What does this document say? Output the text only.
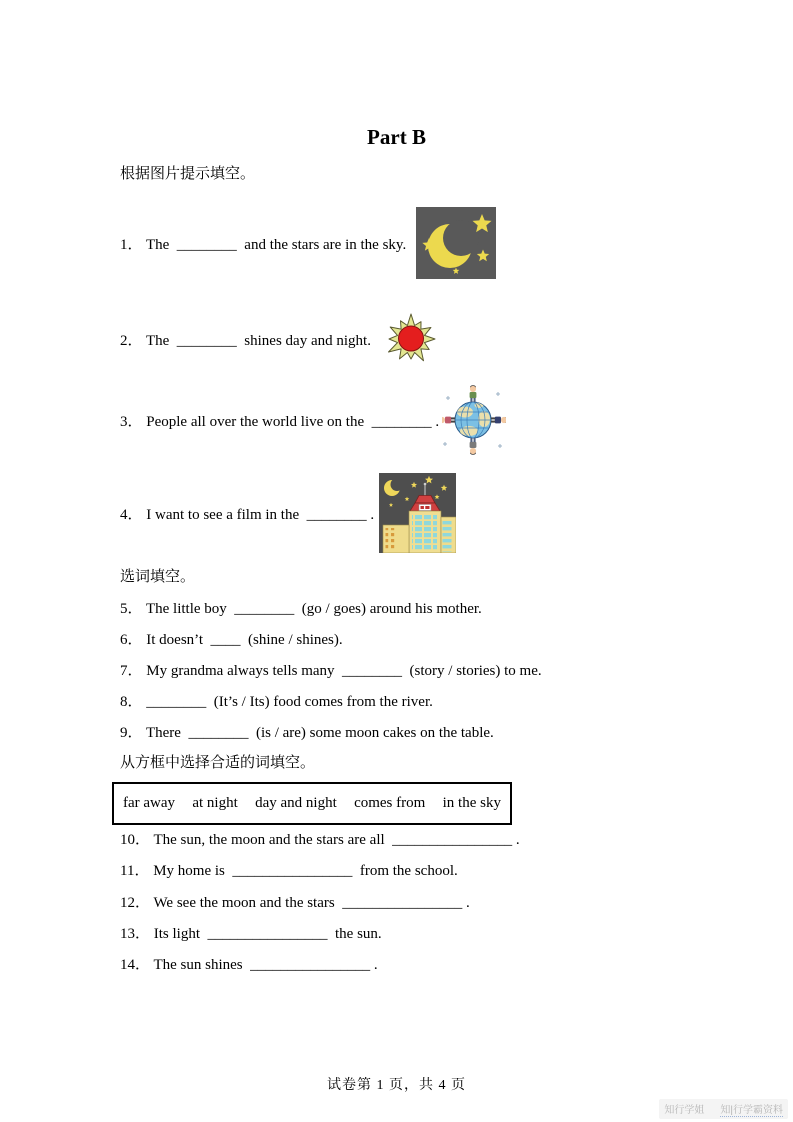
Part B
根据图片提示填空。
1． The  ________  and the stars are in the sky.
2． The  ________  shines day and night.
3． People all over the world live on the  ________ .
4． I want to see a film in the  ________ .
选词填空。
5． The little boy  ________  (go / goes) around his mother.
6． It doesn’t  ____  (shine / shines).
7． My grandma always tells many  ________  (story / stories) to me.
8． ________  (It’s / Its) food comes from the river.
9． There  ________  (is / are) some moon cakes on the table.
从方框中选择合适的词填空。
far away at night day and night comes from in the sky
10． The sun, the moon and the stars are all  ________________ .
11． My home is  ________________  from the school.
12． We see the moon and the stars  ________________ .
13． Its light  ________________  the sun.
14． The sun shines  ________________ .
试卷第 1 页，共 4 页
知行学姐 知|行学霸资料
